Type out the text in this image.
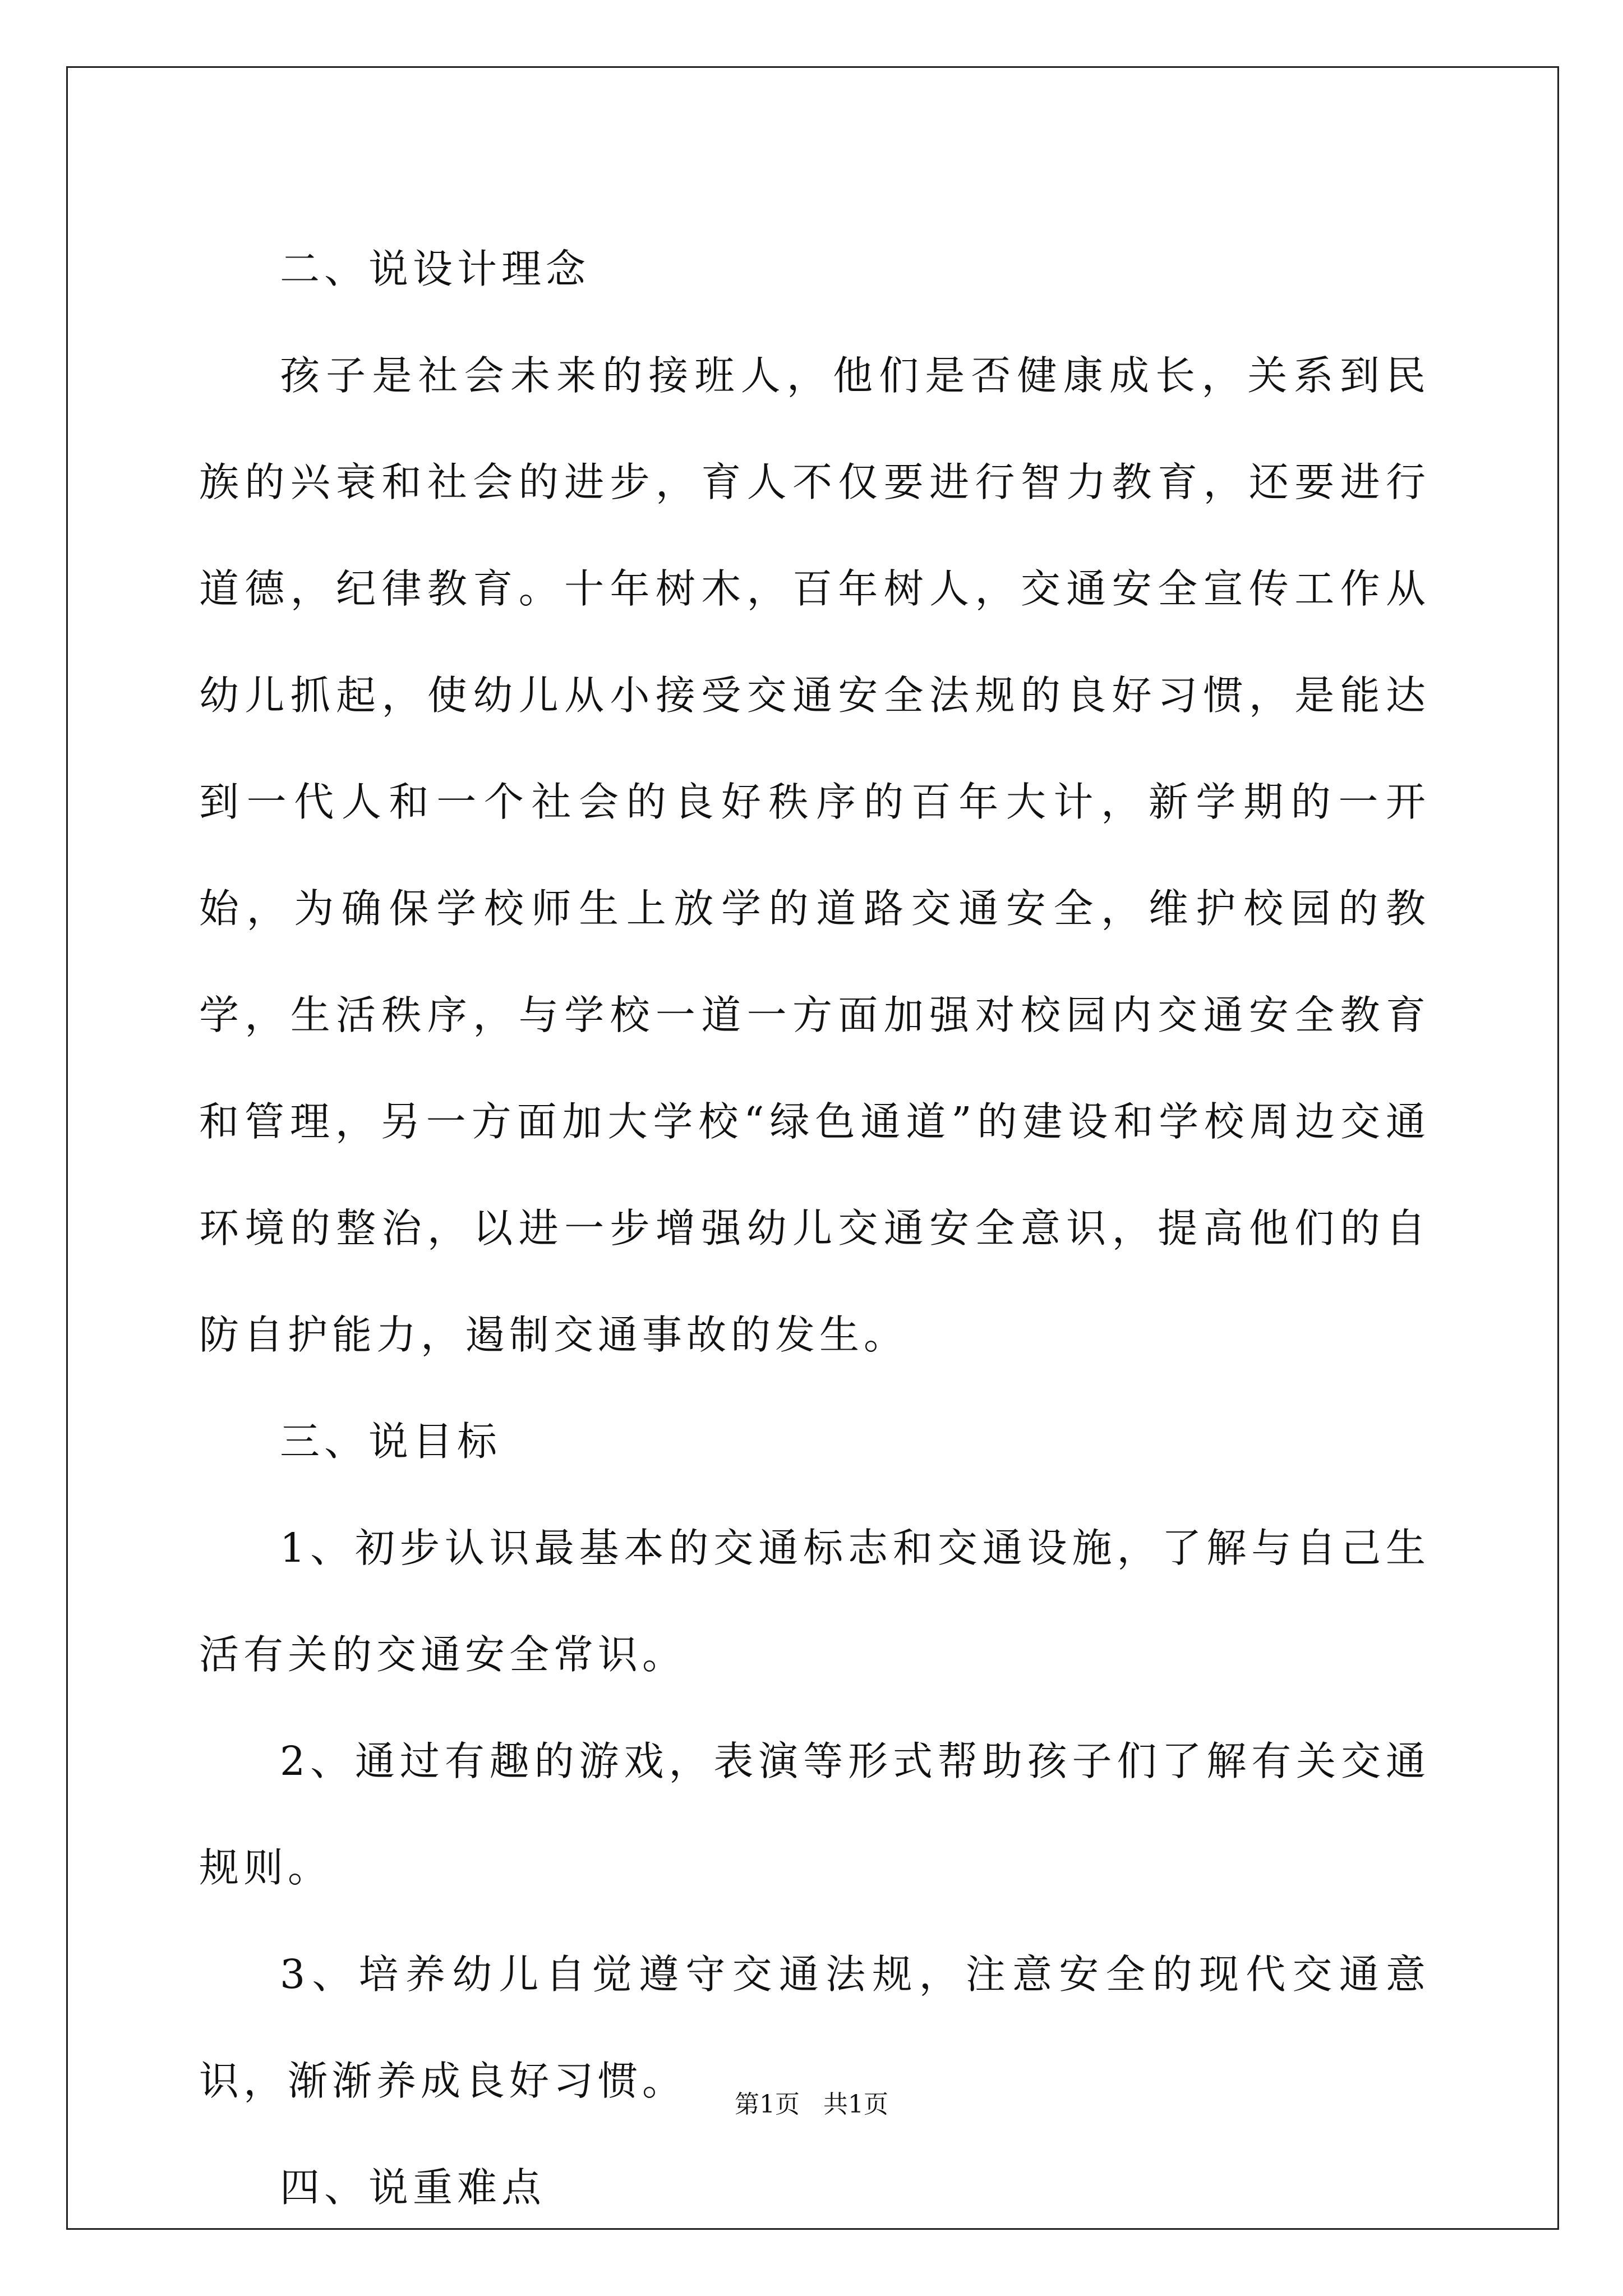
二、说设计理念

孩子是社会未来的接班人，他们是否健康成长，关系到民族的兴衰和社会的进步，育人不仅要进行智力教育，还要进行道德，纪律教育。十年树木，百年树人，交通安全宣传工作从幼儿抓起，使幼儿从小接受交通安全法规的良好习惯，是能达到一代人和一个社会的良好秩序的百年大计，新学期的一开始，为确保学校师生上放学的道路交通安全，维护校园的教学，生活秩序，与学校一道一方面加强对校园内交通安全教育和管理，另一方面加大学校“绿色通道”的建设和学校周边交通环境的整治，以进一步增强幼儿交通安全意识，提高他们的自防自护能力，遏制交通事故的发生。

三、说目标

1、初步认识最基本的交通标志和交通设施，了解与自己生活有关的交通安全常识。

2、通过有趣的游戏，表演等形式帮助孩子们了解有关交通规则。

3、培养幼儿自觉遵守交通法规，注意安全的现代交通意识，渐渐养成良好习惯。

四、说重难点

第1页 共1页
